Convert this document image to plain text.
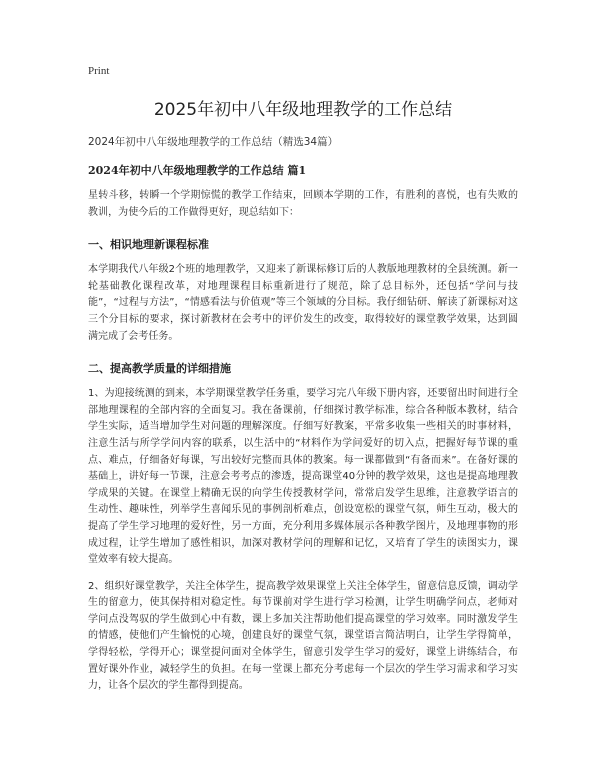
Print

2025年初中八年级地理教学的工作总结

2024年初中八年级地理教学的工作总结（精选34篇）

2024年初中八年级地理教学的工作总结 篇1

星转斗移，转瞬一个学期惊慌的教学工作结束，回顾本学期的工作，有胜利的喜悦，也有失败的教训，为使今后的工作做得更好，现总结如下：

一、相识地理新课程标准

本学期我代八年级2个班的地理教学，又迎来了新课标修订后的人教版地理教材的全县统测。新一轮基础教化课程改革，对地理课程目标重新进行了规范，除了总目标外，还包括“学问与技能”，“过程与方法”，“情感看法与价值观”等三个领域的分目标。我仔细钻研、解读了新课标对这三个分目标的要求，探讨新教材在会考中的评价发生的改变，取得较好的课堂教学效果，达到圆满完成了会考任务。

二、提高教学质量的详细措施

1、为迎接统测的到来，本学期课堂教学任务重，要学习完八年级下册内容，还要留出时间进行全部地理课程的全部内容的全面复习。我在备课前，仔细探讨教学标准，综合各种版本教材，结合学生实际，适当增加学生对问题的理解深度。仔细写好教案，平常多收集一些相关的时事材料，注意生活与所学学问内容的联系，以生活中的“材料作为学问爱好的切入点，把握好每节课的重点、难点，仔细备好每课，写出较好完整而具体的教案。每一课都做到“有备而来”。在备好课的基础上，讲好每一节课，注意会考考点的渗透，提高课堂40分钟的教学效果，这也是提高地理教学成果的关键。在课堂上精确无误的向学生传授教材学问，常常启发学生思维，注意教学语言的生动性、趣味性，列举学生喜闻乐见的事例剖析难点，创设宽松的课堂气氛，师生互动，极大的提高了学生学习地理的爱好性，另一方面，充分利用多媒体展示各种教学图片，及地理事物的形成过程，让学生增加了感性相识，加深对教材学问的理解和记忆，又培育了学生的读图实力，课堂效率有较大提高。

2、组织好课堂教学，关注全体学生，提高教学效果课堂上关注全体学生，留意信息反馈，调动学生的留意力，使其保持相对稳定性。每节课前对学生进行学习检测，让学生明确学问点，老师对学问点没驾驭的学生做到心中有数，课上多加关注帮助他们提高课堂的学习效率。同时激发学生的情感，使他们产生愉悦的心境，创建良好的课堂气氛，课堂语言简洁明白，让学生学得简单，学得轻松，学得开心；课堂提问面对全体学生，留意引发学生学习的爱好，课堂上讲练结合，布置好课外作业，减轻学生的负担。在每一堂课上都充分考虑每一个层次的学生学习需求和学习实力，让各个层次的学生都得到提高。
